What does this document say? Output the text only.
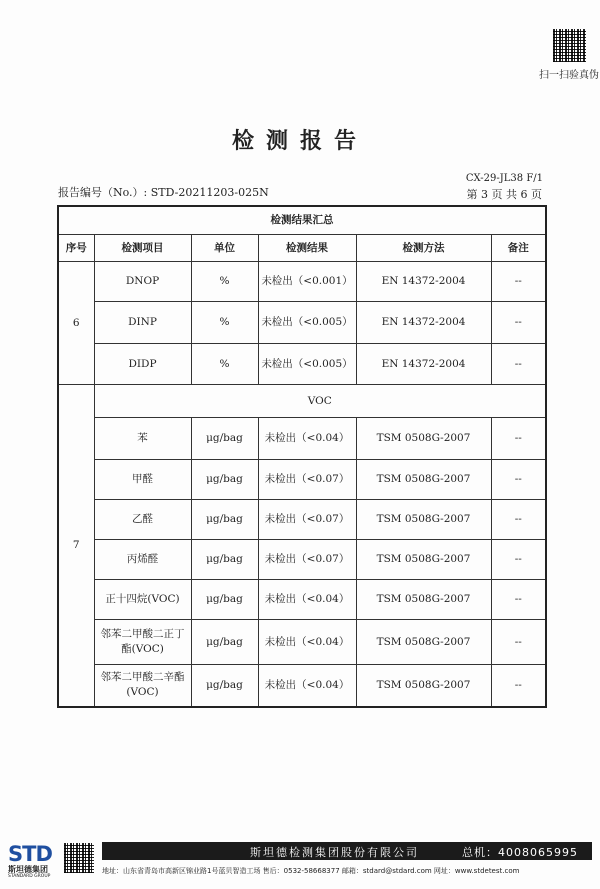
扫一扫验真伪
检测报告
CX-29-JL38 F/1
报告编号（No.）: STD-20211203-025N	第 3 页 共 6 页
检测结果汇总					
序号	检测项目	单位	检测结果	检测方法	备注
6	DNOP	%	未检出（<0.001）	EN 14372-2004	--
	DINP	%	未检出（<0.005）	EN 14372-2004	--
	DIDP	%	未检出（<0.005）	EN 14372-2004	--
7	VOC				
	苯	μg/bag	未检出（<0.04）	TSM 0508G-2007	--
	甲醛	μg/bag	未检出（<0.07）	TSM 0508G-2007	--
	乙醛	μg/bag	未检出（<0.07）	TSM 0508G-2007	--
	丙烯醛	μg/bag	未检出（<0.07）	TSM 0508G-2007	--
	正十四烷(VOC)	μg/bag	未检出（<0.04）	TSM 0508G-2007	--
	邻苯二甲酸二正丁酯(VOC)	μg/bag	未检出（<0.04）	TSM 0508G-2007	--
	邻苯二甲酸二辛酯(VOC)	μg/bag	未检出（<0.04）	TSM 0508G-2007	--
STD
斯坦德集团
STANDARD GROUP
斯坦德检测集团股份有限公司	总机：4008065995
地址：山东省青岛市高新区锦业路1号蓝贝智造工场 售后：0532-58668377 邮箱：stdard@stdard.com 网址：www.stdetest.com
